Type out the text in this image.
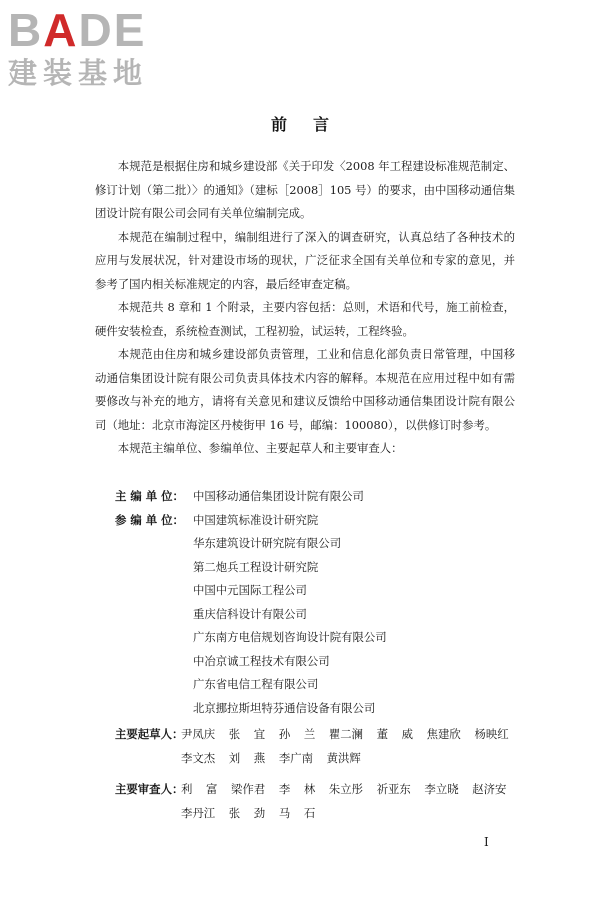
BADE
建装基地
前言

本规范是根据住房和城乡建设部《关于印发〈2008 年工程建设标准规范制定、修订计划（第二批）〉的通知》（建标［2008］105 号）的要求，由中国移动通信集团设计院有限公司会同有关单位编制完成。

本规范在编制过程中，编制组进行了深入的调查研究，认真总结了各种技术的应用与发展状况，针对建设市场的现状，广泛征求全国有关单位和专家的意见，并参考了国内相关标准规定的内容，最后经审查定稿。

本规范共 8 章和 1 个附录，主要内容包括：总则，术语和代号，施工前检查，硬件安装检查，系统检查测试，工程初验，试运转，工程终验。

本规范由住房和城乡建设部负责管理，工业和信息化部负责日常管理，中国移动通信集团设计院有限公司负责具体技术内容的解释。本规范在应用过程中如有需要修改与补充的地方，请将有关意见和建议反馈给中国移动通信集团设计院有限公司（地址：北京市海淀区丹棱街甲 16 号，邮编：100080），以供修订时参考。

本规范主编单位、参编单位、主要起草人和主要审查人：

主 编 单 位： 中国移动通信集团设计院有限公司
参 编 单 位： 中国建筑标准设计研究院
华东建筑设计研究院有限公司
第二炮兵工程设计研究院
中国中元国际工程公司
重庆信科设计有限公司
广东南方电信规划咨询设计院有限公司
中冶京诚工程技术有限公司
广东省电信工程有限公司
北京挪拉斯坦特芬通信设备有限公司
主要起草人：
尹凤庆 张 宜 孙 兰 瞿二澜 董 威 焦建欣 杨映红
李文杰 刘 燕 李广南 黄洪辉
主要审查人：
利 富 梁作君 李 林 朱立彤 祈亚东 李立晓 赵济安
李丹江 张 劲 马 石
I
